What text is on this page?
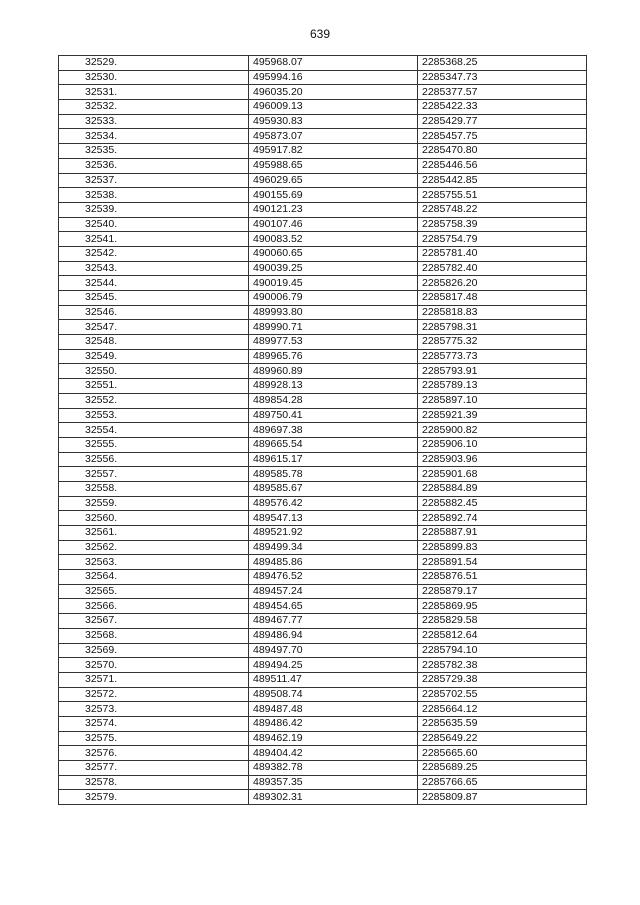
639
32529.	495968.07	2285368.25
32530.	495994.16	2285347.73
32531.	496035.20	2285377.57
32532.	496009.13	2285422.33
32533.	495930.83	2285429.77
32534.	495873.07	2285457.75
32535.	495917.82	2285470.80
32536.	495988.65	2285446.56
32537.	496029.65	2285442.85
32538.	490155.69	2285755.51
32539.	490121.23	2285748.22
32540.	490107.46	2285758.39
32541.	490083.52	2285754.79
32542.	490060.65	2285781.40
32543.	490039.25	2285782.40
32544.	490019.45	2285826.20
32545.	490006.79	2285817.48
32546.	489993.80	2285818.83
32547.	489990.71	2285798.31
32548.	489977.53	2285775.32
32549.	489965.76	2285773.73
32550.	489960.89	2285793.91
32551.	489928.13	2285789.13
32552.	489854.28	2285897.10
32553.	489750.41	2285921.39
32554.	489697.38	2285900.82
32555.	489665.54	2285906.10
32556.	489615.17	2285903.96
32557.	489585.78	2285901.68
32558.	489585.67	2285884.89
32559.	489576.42	2285882.45
32560.	489547.13	2285892.74
32561.	489521.92	2285887.91
32562.	489499.34	2285899.83
32563.	489485.86	2285891.54
32564.	489476.52	2285876.51
32565.	489457.24	2285879.17
32566.	489454.65	2285869.95
32567.	489467.77	2285829.58
32568.	489486.94	2285812.64
32569.	489497.70	2285794.10
32570.	489494.25	2285782.38
32571.	489511.47	2285729.38
32572.	489508.74	2285702.55
32573.	489487.48	2285664.12
32574.	489486.42	2285635.59
32575.	489462.19	2285649.22
32576.	489404.42	2285665.60
32577.	489382.78	2285689.25
32578.	489357.35	2285766.65
32579.	489302.31	2285809.87
